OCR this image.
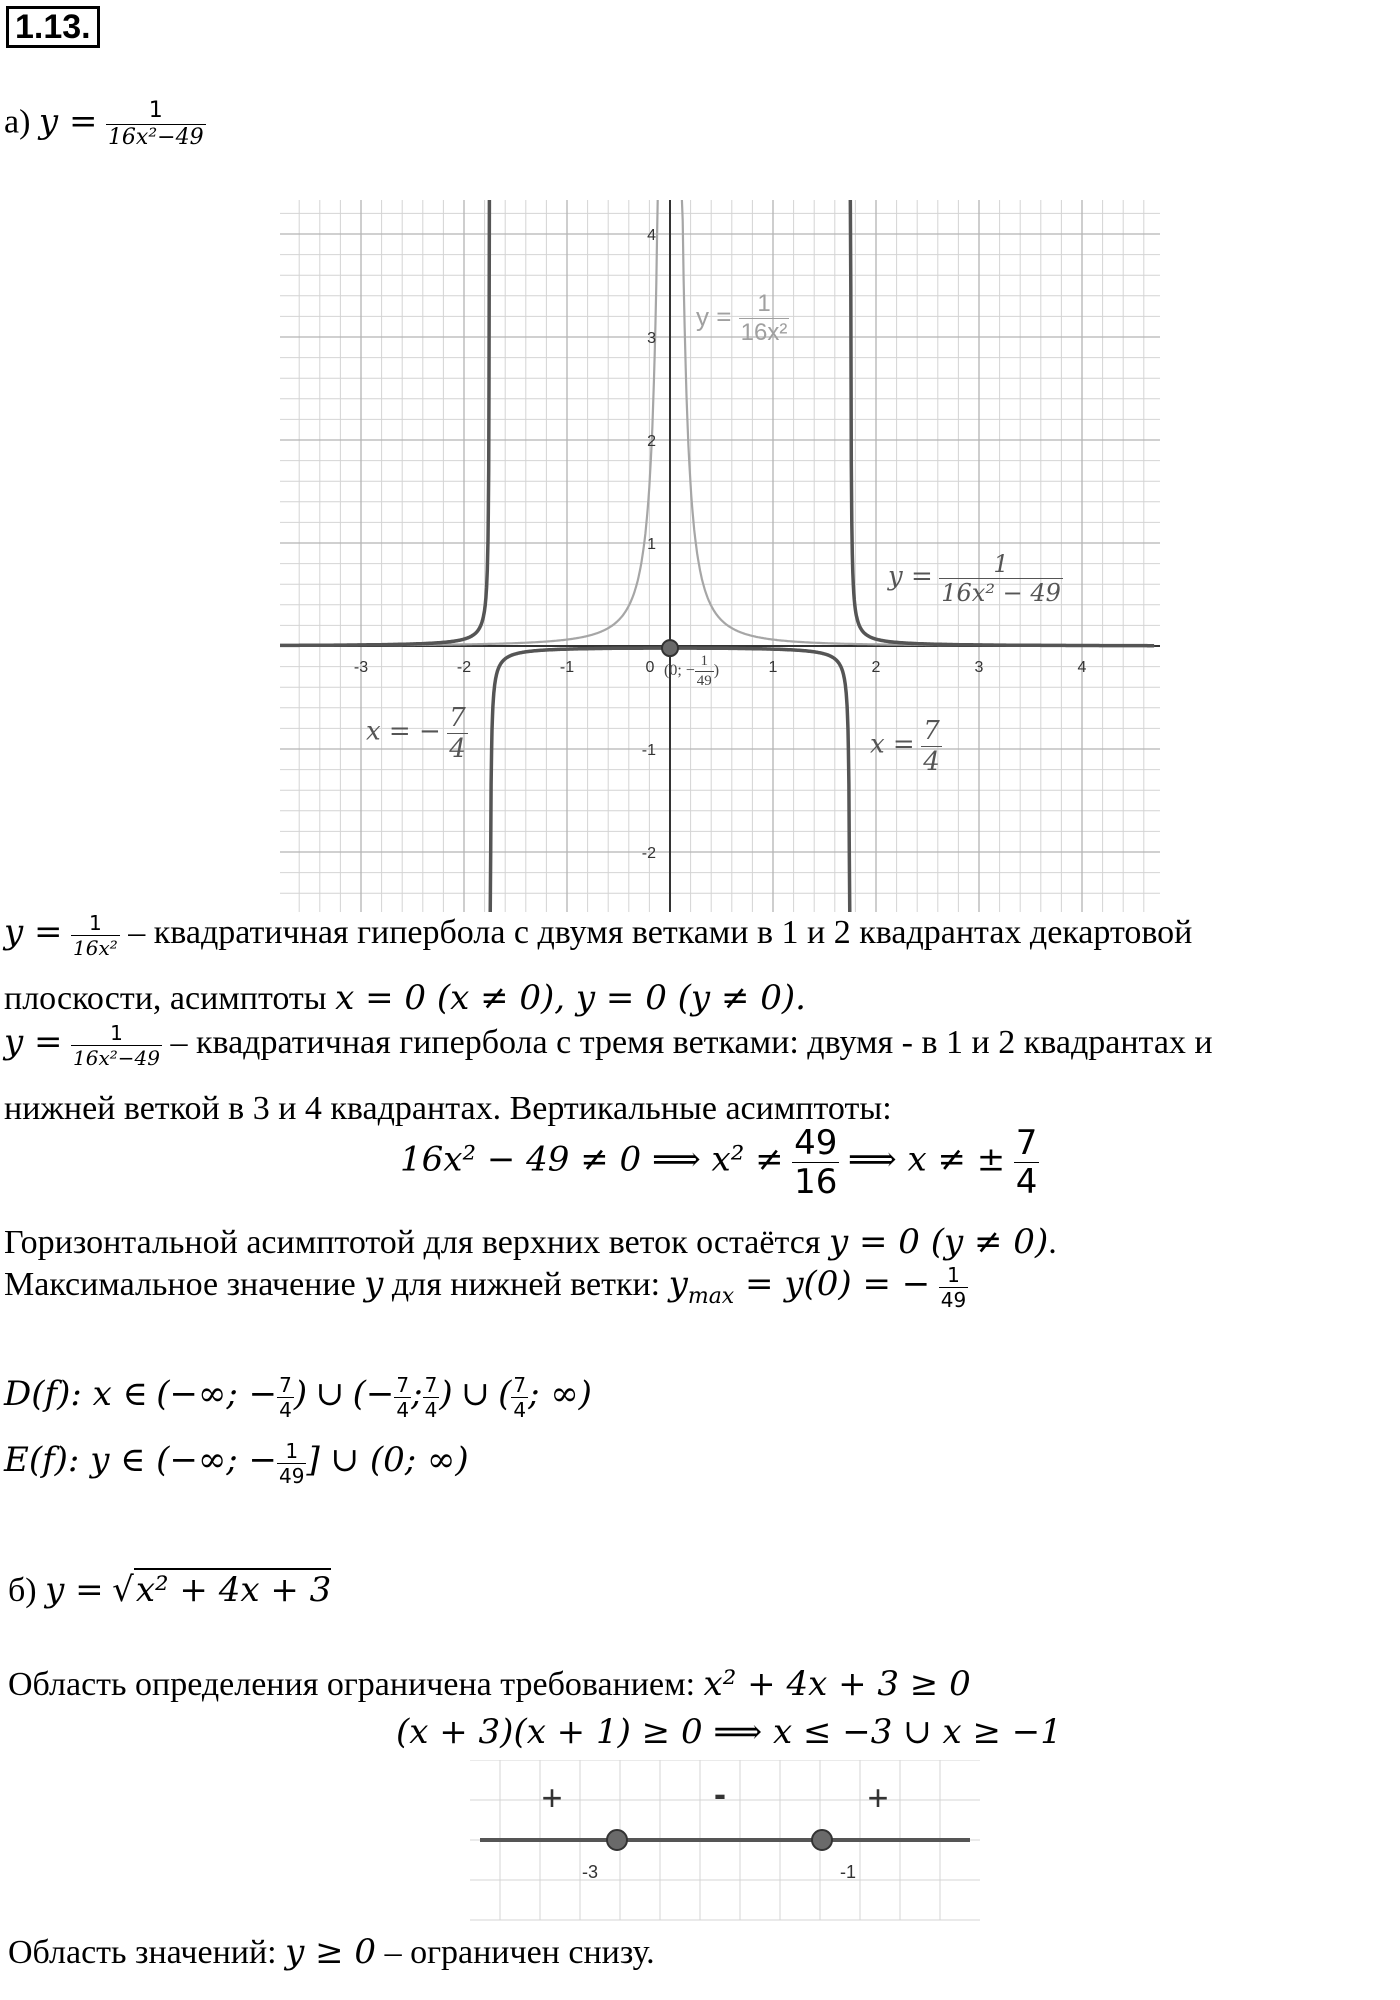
1.13.
а) $y = \frac{1}{\text{16x²−49}}$
-3	-2	-1	0	1	2	3	4
4
3
2
1
-1
-2
$y = \frac{1}{\text{16x²}}$
$y = \frac{1}{\text{16x² − 49}}$
x = − $\frac{7}{4}$	$x = \frac{7}{4}$
(0; − $\frac{1}{49}$ )
$y = \frac{1}{\text{16x²}}$ – квадратичная гипербола с двумя ветками в 1 и 2 квадрантах декартовой
плоскости, асимптоты x = 0 (x ≠ 0), y = 0 (y ≠ 0).
$y = \frac{1}{\text{16x²−49}}$ – квадратичная гипербола с тремя ветками: двумя - в 1 и 2 квадрантах и
нижней веткой в 3 и 4 квадрантах. Вертикальные асимптоты:
16x² − 49 ≠ 0 ⟹ $x^2 \ne \frac{49}{16}$ ⟹ x ≠ ± $\frac{7}{4}$
Горизонтальной асимптотой для верхних веток остаётся y = 0 (y ≠ 0).
Максимальное значение y для нижней ветки: $y_{max} = y(0)$ = − $\frac{1}{49}$
D(f): x ∈ (−∞; − $\frac{7}{4}$ ) ∪ (− $\frac{7}{4}$ ; $\frac{7}{4}$ ) ∪ ( $\frac{7}{4}$ ; ∞)
E(f): y ∈ (−∞; − $\frac{1}{49}$ ] ∪ (0; ∞)
б) y = √x² + 4x + 3
Область определения ограничена требованием: x² + 4x + 3 ≥ 0
(x + 3)(x + 1) ≥ 0 ⟹ x ≤ −3 ∪ x ≥ −1
+	-	+
-3	-1
Область значений: y ≥ 0 – ограничен снизу.
